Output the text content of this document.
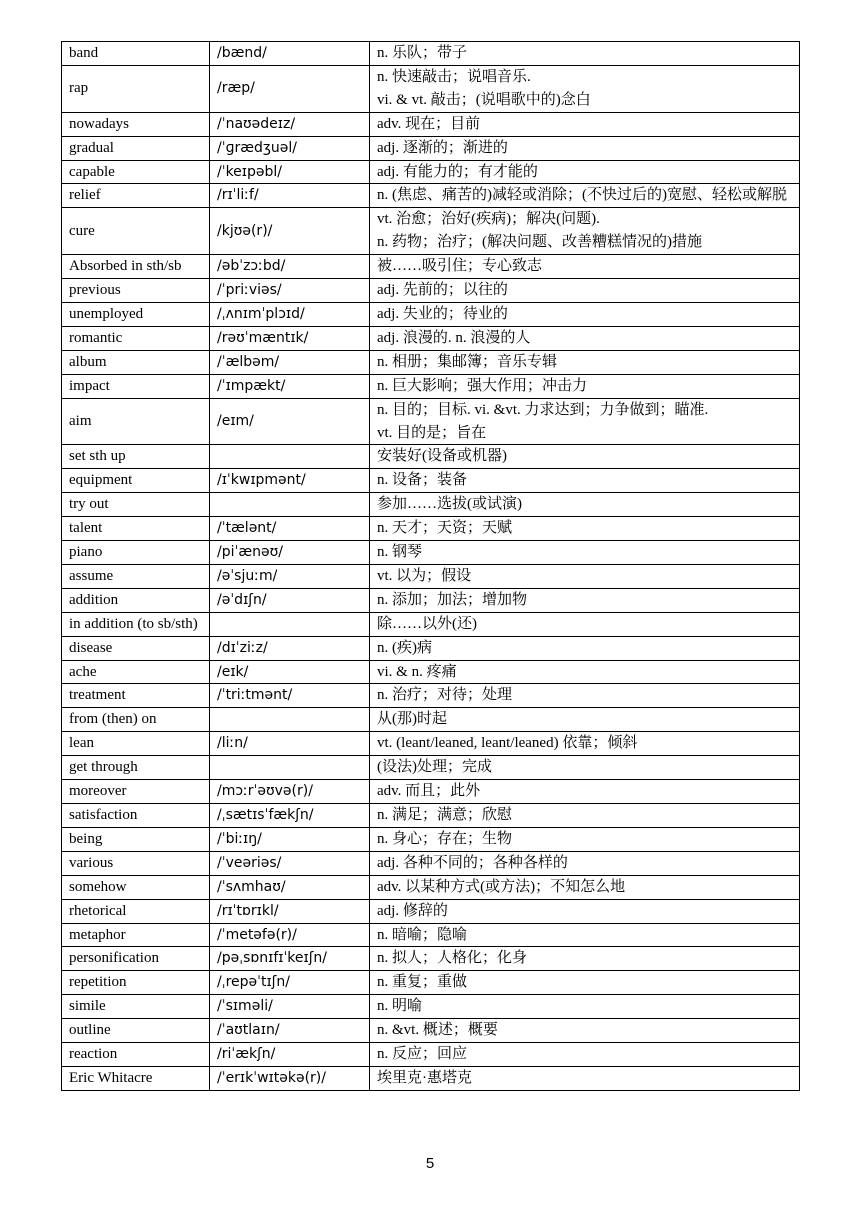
band	/bænd/	n. 乐队；带子
rap	/ræp/	n. 快速敲击；说唱音乐.
vi. & vt. 敲击；(说唱歌中的)念白
nowadays	/ˈnaʊədeɪz/	adv. 现在；目前
gradual	/ˈɡrædʒuəl/	adj. 逐渐的；渐进的
capable	/ˈkeɪpəbl/	adj. 有能力的；有才能的
relief	/rɪˈliːf/	n. (焦虑、痛苦的)减轻或消除；(不快过后的)宽慰、轻松或解脱
cure	/kjʊə(r)/	vt. 治愈；治好(疾病)；解决(问题).
n. 药物；治疗；(解决问题、改善糟糕情况的)措施
Absorbed in sth/sb	/əbˈzɔːbd/	被……吸引住；专心致志
previous	/ˈpriːviəs/	adj. 先前的；以往的
unemployed	/ˌʌnɪmˈplɔɪd/	adj. 失业的；待业的
romantic	/rəʊˈmæntɪk/	adj. 浪漫的. n. 浪漫的人
album	/ˈælbəm/	n. 相册；集邮簿；音乐专辑
impact	/ˈɪmpækt/	n. 巨大影响；强大作用；冲击力
aim	/eɪm/	n. 目的；目标. vi. &vt. 力求达到；力争做到；瞄准.
vt. 目的是；旨在
set sth up		安装好(设备或机器)
equipment	/ɪˈkwɪpmənt/	n. 设备；装备
try out		参加……选拔(或试演)
talent	/ˈtælənt/	n. 天才；天资；天赋
piano	/piˈænəʊ/	n. 钢琴
assume	/əˈsjuːm/	vt. 以为；假设
addition	/əˈdɪʃn/	n. 添加；加法；增加物
in addition (to sb/sth)		除……以外(还)
disease	/dɪˈziːz/	n. (疾)病
ache	/eɪk/	vi. & n. 疼痛
treatment	/ˈtriːtmənt/	n. 治疗；对待；处理
from (then) on		从(那)时起
lean	/liːn/	vt. (leant/leaned, leant/leaned) 依靠；倾斜
get through		(设法)处理；完成
moreover	/mɔːrˈəʊvə(r)/	adv. 而且；此外
satisfaction	/ˌsætɪsˈfækʃn/	n. 满足；满意；欣慰
being	/ˈbiːɪŋ/	n. 身心；存在；生物
various	/ˈveəriəs/	adj. 各种不同的；各种各样的
somehow	/ˈsʌmhaʊ/	adv. 以某种方式(或方法)；不知怎么地
rhetorical	/rɪˈtɒrɪkl/	adj. 修辞的
metaphor	/ˈmetəfə(r)/	n. 暗喻；隐喻
personification	/pəˌsɒnɪfɪˈkeɪʃn/	n. 拟人；人格化；化身
repetition	/ˌrepəˈtɪʃn/	n. 重复；重做
simile	/ˈsɪməli/	n. 明喻
outline	/ˈaʊtlaɪn/	n. &vt. 概述；概要
reaction	/riˈækʃn/	n. 反应；回应
Eric Whitacre	/ˈerɪkˈwɪtəkə(r)/	埃里克·惠塔克
5
